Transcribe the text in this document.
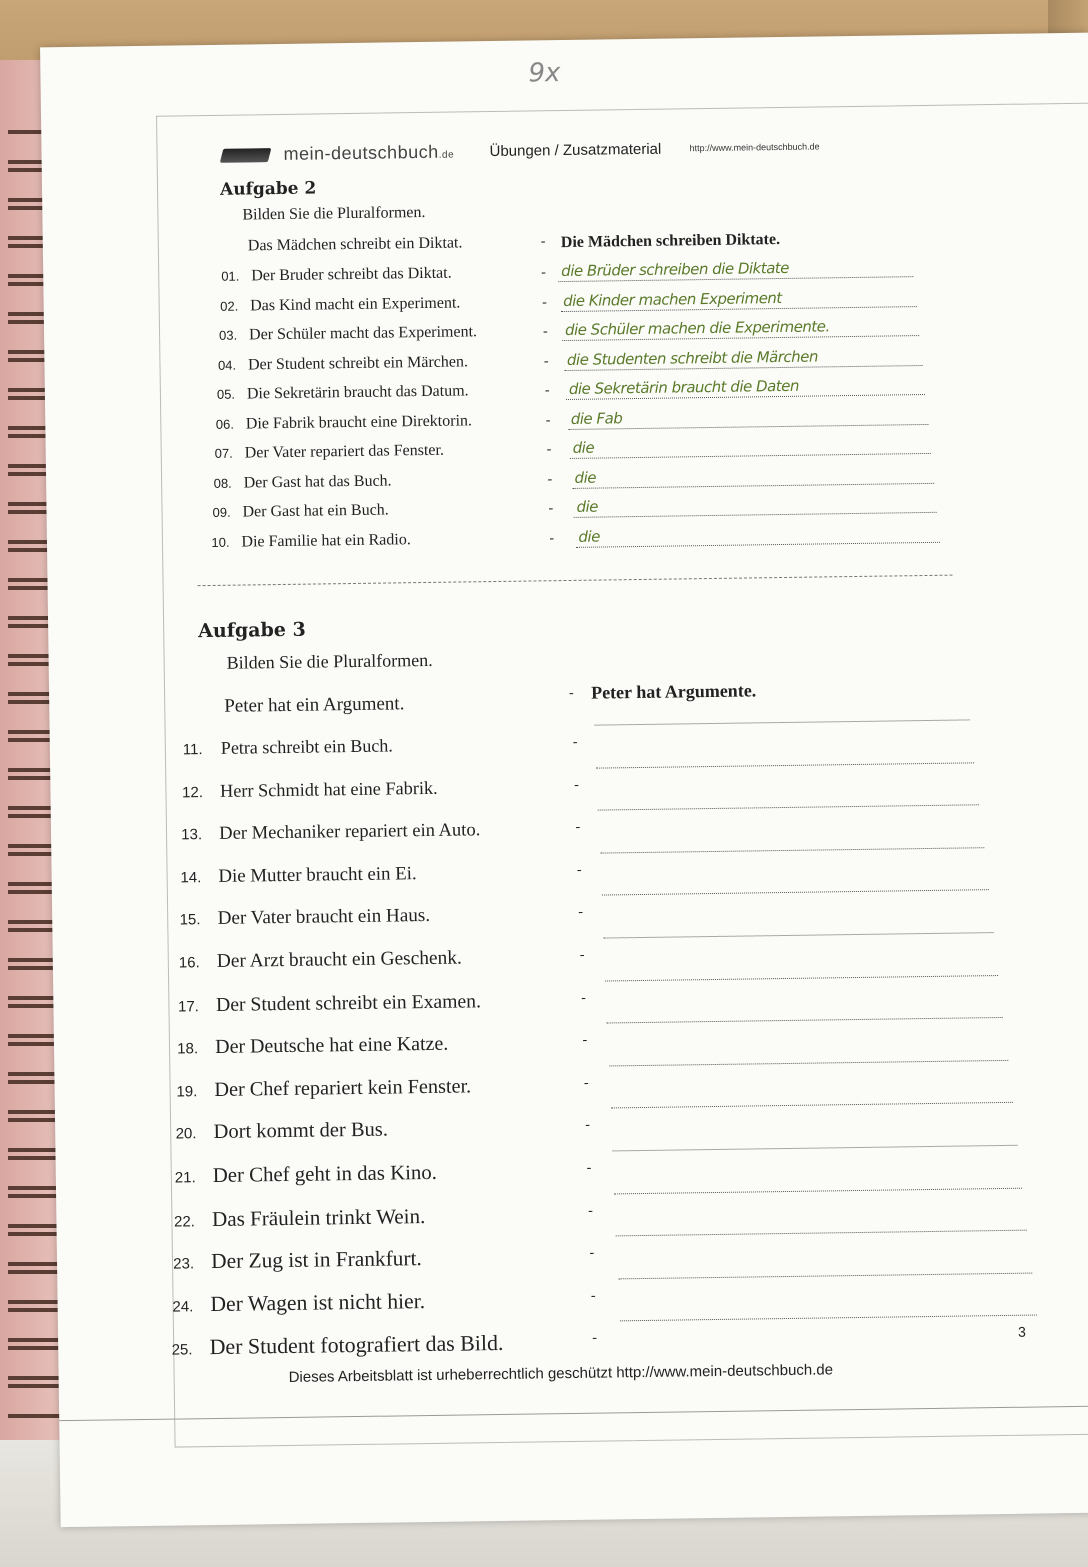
9x
mein-deutschbuch.de Übungen / Zusatzmaterial	http://www.mein-deutschbuch.de
Aufgabe 2
Bilden Sie die Pluralformen.
Das Mädchen schreibt ein Diktat.	- Die Mädchen schreiben Diktate.
01. Der Bruder schreibt das Diktat.	- die Brüder schreiben die Diktate
02. Das Kind macht ein Experiment.	- die Kinder machen Experiment
03. Der Schüler macht das Experiment.	- die Schüler machen die Experimente.
04. Der Student schreibt ein Märchen.	- die Studenten schreibt die Märchen
05. Die Sekretärin braucht das Datum.	- die Sekretärin braucht die Daten
06. Die Fabrik braucht eine Direktorin.	- die Fab
07. Der Vater repariert das Fenster.	- die
08. Der Gast hat das Buch.	- die
09. Der Gast hat ein Buch.	- die
10. Die Familie hat ein Radio.	- die
Aufgabe 3
Bilden Sie die Pluralformen.
Peter hat ein Argument.	- Peter hat Argumente.
11. Petra schreibt ein Buch.	-
12. Herr Schmidt hat eine Fabrik.	-
13. Der Mechaniker repariert ein Auto.	-
14. Die Mutter braucht ein Ei.	-
15. Der Vater braucht ein Haus.	-
16. Der Arzt braucht ein Geschenk.	-
17. Der Student schreibt ein Examen.	-
18. Der Deutsche hat eine Katze.	-
19. Der Chef repariert kein Fenster.	-
20. Dort kommt der Bus.	-
21. Der Chef geht in das Kino.	-
22. Das Fräulein trinkt Wein.	-
23. Der Zug ist in Frankfurt.	-
24. Der Wagen ist nicht hier.	-
25. Der Student fotografiert das Bild.	-	3
Dieses Arbeitsblatt ist urheberrechtlich geschützt http://www.mein-deutschbuch.de
